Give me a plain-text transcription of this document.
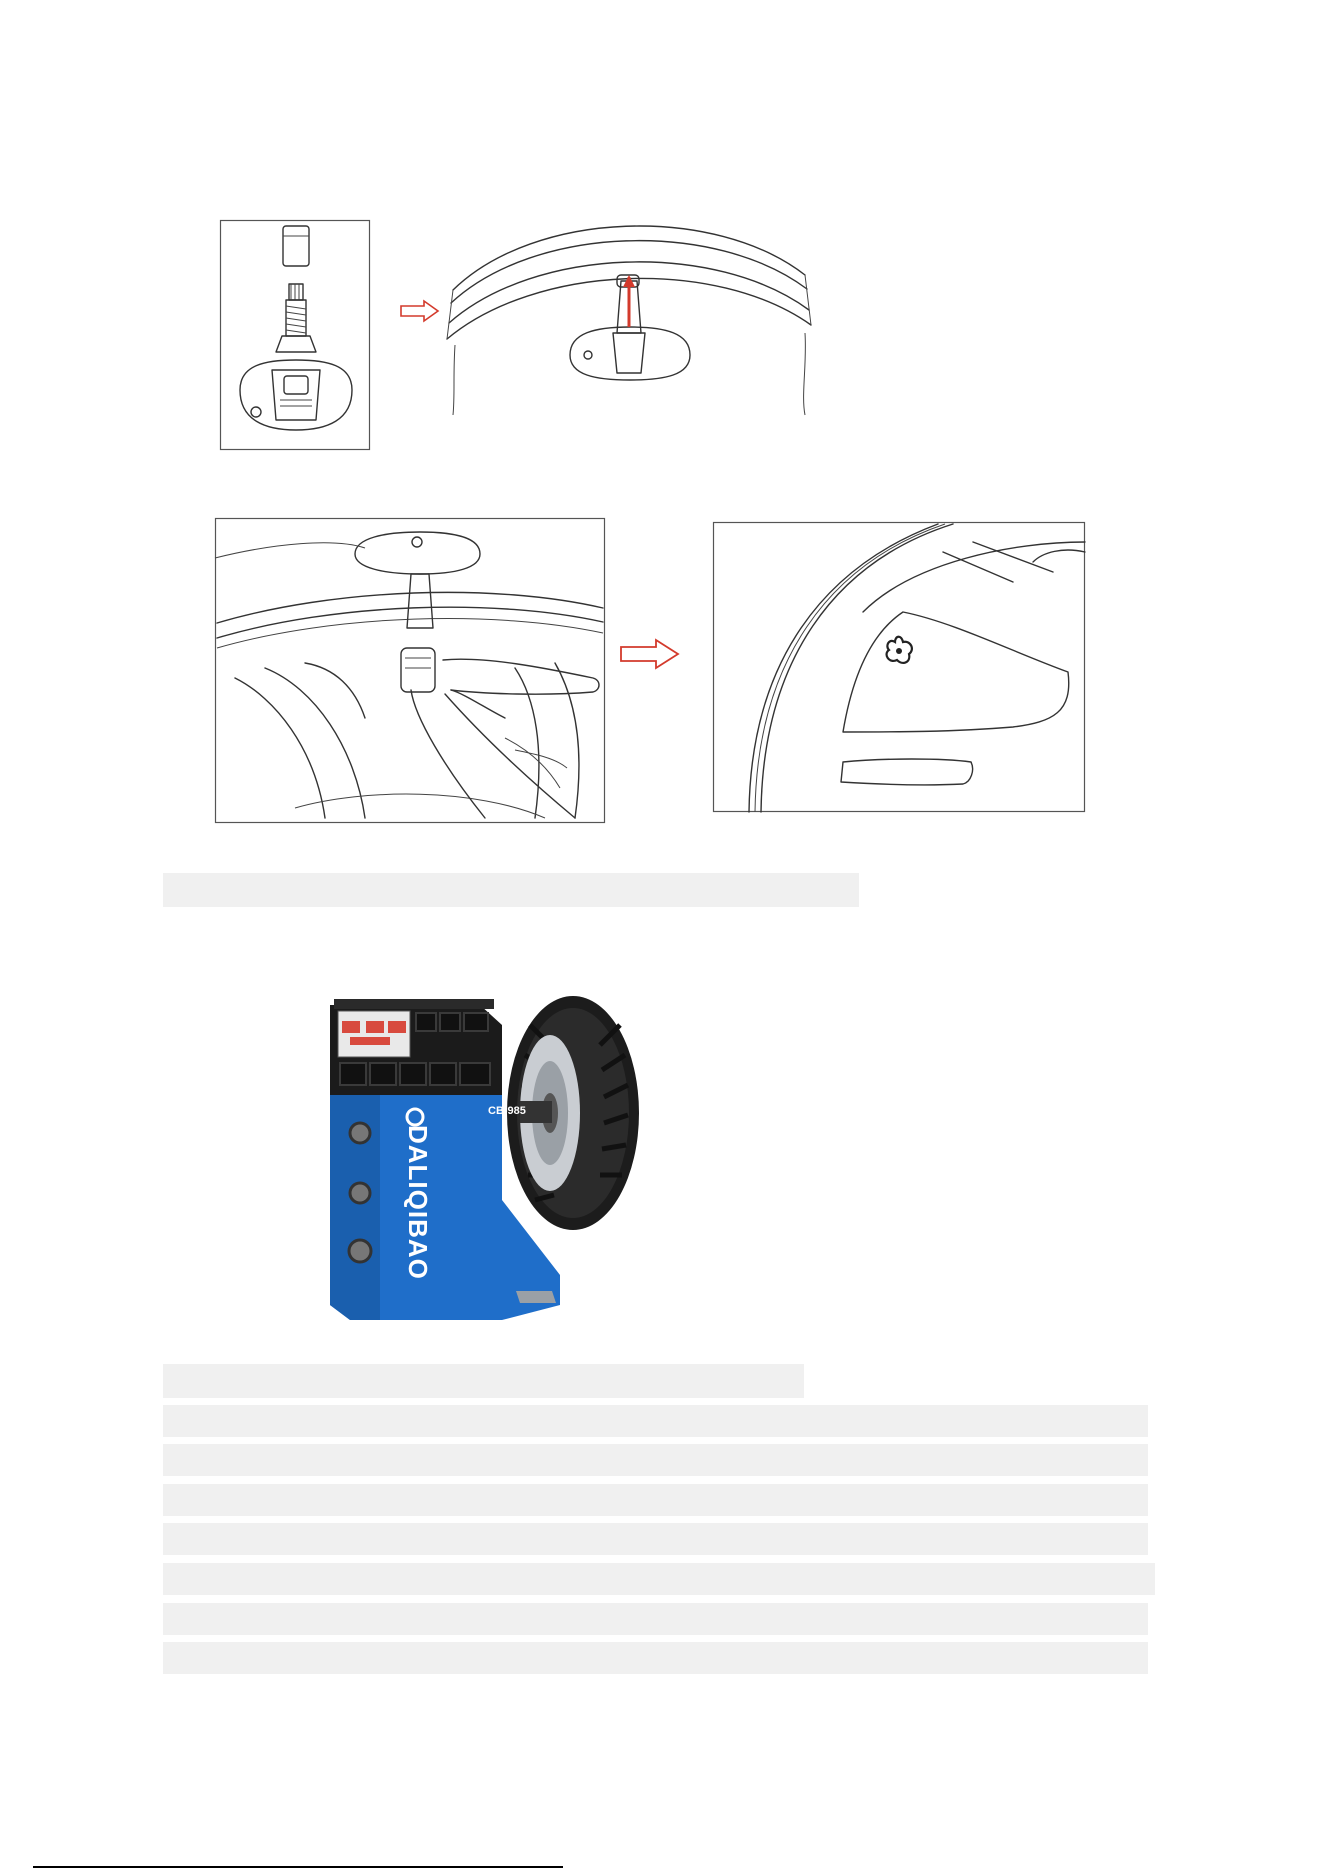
DALIQIBAO
CB-985
